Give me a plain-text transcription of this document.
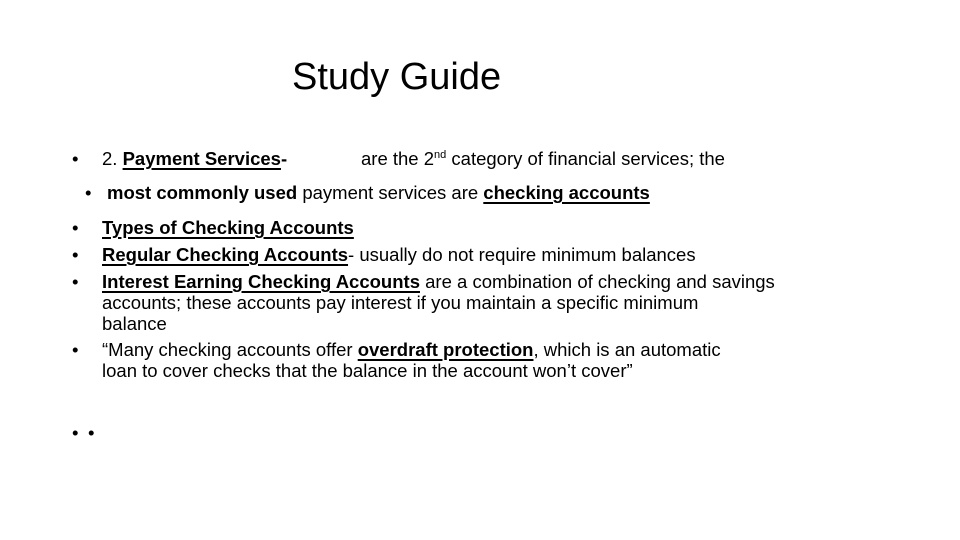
Study Guide
• 2. Payment Services-	are the 2nd category of financial services; the
• most commonly used payment services are checking accounts
• Types of Checking Accounts
• Regular Checking Accounts- usually do not require minimum balances
• Interest Earning Checking Accounts are a combination of checking and savings
accounts; these accounts pay interest if you maintain a specific minimum
balance
• “Many checking accounts offer overdraft protection, which is an automatic
loan to cover checks that the balance in the account won’t cover”
• •
